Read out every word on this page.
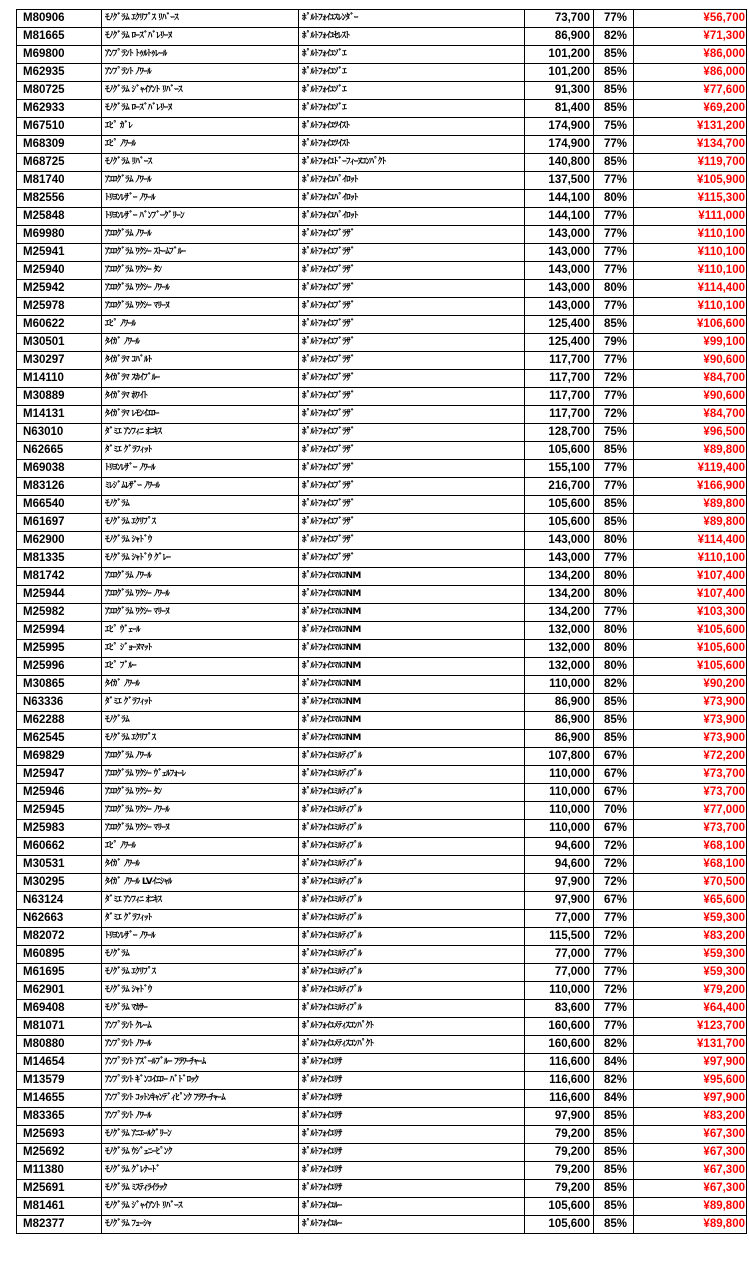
M80906	ﾓﾉｸﾞﾗﾑ ｴｸﾘﾌﾟｽ ﾘﾊﾞｰｽ	ﾎﾟﾙﾄﾌｫｲﾕｽﾚﾝﾀﾞｰ	73,700	77%	¥56,700
M81665	ﾓﾉｸﾞﾗﾑ ﾛｰｽﾞﾊﾞﾚﾘｰﾇ	ﾎﾟﾙﾄﾌｫｲﾕｾﾚｽﾄ	86,900	82%	¥71,300
M69800	ｱﾝﾌﾟﾗﾝﾄ ﾄｩﾙﾄｩﾚｰﾙ	ﾎﾟﾙﾄﾌｫｲﾕｿﾞｴ	101,200	85%	¥86,000
M62935	ｱﾝﾌﾟﾗﾝﾄ ﾉﾜｰﾙ	ﾎﾟﾙﾄﾌｫｲﾕｿﾞｴ	101,200	85%	¥86,000
M80725	ﾓﾉｸﾞﾗﾑ ｼﾞｬｲｱﾝﾄ ﾘﾊﾞｰｽ	ﾎﾟﾙﾄﾌｫｲﾕｿﾞｴ	91,300	85%	¥77,600
M62933	ﾓﾉｸﾞﾗﾑ ﾛｰｽﾞﾊﾞﾚﾘｰﾇ	ﾎﾟﾙﾄﾌｫｲﾕｿﾞｴ	81,400	85%	¥69,200
M67510	ｴﾋﾟ ｶﾞﾚ	ﾎﾟﾙﾄﾌｫｲﾕﾂｲｽﾄ	174,900	75%	¥131,200
M68309	ｴﾋﾟ ﾉﾜｰﾙ	ﾎﾟﾙﾄﾌｫｲﾕﾂｲｽﾄ	174,900	77%	¥134,700
M68725	ﾓﾉｸﾞﾗﾑ ﾘﾊﾞｰｽ	ﾎﾟﾙﾄﾌｫｲﾕﾄﾞｰﾌｨｰﾇｺﾝﾊﾟｸﾄ	140,800	85%	¥119,700
M81740	ｱｴﾛｸﾞﾗﾑ ﾉﾜｰﾙ	ﾎﾟﾙﾄﾌｫｲﾕﾊﾟｲﾛｯﾄ	137,500	77%	¥105,900
M82556	ﾄﾘﾖﾝﾚｻﾞｰ ﾉﾜｰﾙ	ﾎﾟﾙﾄﾌｫｲﾕﾊﾟｲﾛｯﾄ	144,100	80%	¥115,300
M25848	ﾄﾘﾖﾝﾚｻﾞｰ ﾊﾞﾝﾌﾞｰｸﾞﾘｰﾝ	ﾎﾟﾙﾄﾌｫｲﾕﾊﾟｲﾛｯﾄ	144,100	77%	¥111,000
M69980	ｱｴﾛｸﾞﾗﾑ ﾉﾜｰﾙ	ﾎﾟﾙﾄﾌｫｲﾕﾌﾞﾗｻﾞ	143,000	77%	¥110,100
M25941	ｱｴﾛｸﾞﾗﾑ ﾜｸｼｰ ｽﾄｰﾑﾌﾞﾙｰ	ﾎﾟﾙﾄﾌｫｲﾕﾌﾞﾗｻﾞ	143,000	77%	¥110,100
M25940	ｱｴﾛｸﾞﾗﾑ ﾜｸｼｰ ﾀﾝ	ﾎﾟﾙﾄﾌｫｲﾕﾌﾞﾗｻﾞ	143,000	77%	¥110,100
M25942	ｱｴﾛｸﾞﾗﾑ ﾜｸｼｰ ﾉﾜｰﾙ	ﾎﾟﾙﾄﾌｫｲﾕﾌﾞﾗｻﾞ	143,000	80%	¥114,400
M25978	ｱｴﾛｸﾞﾗﾑ ﾜｸｼｰ ﾏﾘｰﾇ	ﾎﾟﾙﾄﾌｫｲﾕﾌﾞﾗｻﾞ	143,000	77%	¥110,100
M60622	ｴﾋﾟ ﾉﾜｰﾙ	ﾎﾟﾙﾄﾌｫｲﾕﾌﾞﾗｻﾞ	125,400	85%	¥106,600
M30501	ﾀｲｶﾞ ﾉﾜｰﾙ	ﾎﾟﾙﾄﾌｫｲﾕﾌﾞﾗｻﾞ	125,400	79%	¥99,100
M30297	ﾀｲｶﾞﾗﾏ ｺﾊﾞﾙﾄ	ﾎﾟﾙﾄﾌｫｲﾕﾌﾞﾗｻﾞ	117,700	77%	¥90,600
M14110	ﾀｲｶﾞﾗﾏ ｽｶｲﾌﾞﾙｰ	ﾎﾟﾙﾄﾌｫｲﾕﾌﾞﾗｻﾞ	117,700	72%	¥84,700
M30889	ﾀｲｶﾞﾗﾏ ﾎﾜｲﾄ	ﾎﾟﾙﾄﾌｫｲﾕﾌﾞﾗｻﾞ	117,700	77%	¥90,600
M14131	ﾀｲｶﾞﾗﾏ ﾚﾓﾝｲｴﾛｰ	ﾎﾟﾙﾄﾌｫｲﾕﾌﾞﾗｻﾞ	117,700	72%	¥84,700
N63010	ﾀﾞﾐｴ ｱﾝﾌｨﾆ ｵﾆｷｽ	ﾎﾟﾙﾄﾌｫｲﾕﾌﾞﾗｻﾞ	128,700	75%	¥96,500
N62665	ﾀﾞﾐｴ ｸﾞﾗﾌｨｯﾄ	ﾎﾟﾙﾄﾌｫｲﾕﾌﾞﾗｻﾞ	105,600	85%	¥89,800
M69038	ﾄﾘﾖﾝﾚｻﾞｰ ﾉﾜｰﾙ	ﾎﾟﾙﾄﾌｫｲﾕﾌﾞﾗｻﾞ	155,100	77%	¥119,400
M83126	ﾐﾚｼﾞﾑﾚｻﾞｰ ﾉﾜｰﾙ	ﾎﾟﾙﾄﾌｫｲﾕﾌﾞﾗｻﾞ	216,700	77%	¥166,900
M66540	ﾓﾉｸﾞﾗﾑ	ﾎﾟﾙﾄﾌｫｲﾕﾌﾞﾗｻﾞ	105,600	85%	¥89,800
M61697	ﾓﾉｸﾞﾗﾑ ｴｸﾘﾌﾟｽ	ﾎﾟﾙﾄﾌｫｲﾕﾌﾞﾗｻﾞ	105,600	85%	¥89,800
M62900	ﾓﾉｸﾞﾗﾑ ｼｬﾄﾞｳ	ﾎﾟﾙﾄﾌｫｲﾕﾌﾞﾗｻﾞ	143,000	80%	¥114,400
M81335	ﾓﾉｸﾞﾗﾑ ｼｬﾄﾞｳ ｸﾞﾚｰ	ﾎﾟﾙﾄﾌｫｲﾕﾌﾞﾗｻﾞ	143,000	77%	¥110,100
M81742	ｱｴﾛｸﾞﾗﾑ ﾉﾜｰﾙ	ﾎﾟﾙﾄﾌｫｲﾕﾏﾙｺNM	134,200	80%	¥107,400
M25944	ｱｴﾛｸﾞﾗﾑ ﾜｸｼｰ ﾉﾜｰﾙ	ﾎﾟﾙﾄﾌｫｲﾕﾏﾙｺNM	134,200	80%	¥107,400
M25982	ｱｴﾛｸﾞﾗﾑ ﾜｸｼｰ ﾏﾘｰﾇ	ﾎﾟﾙﾄﾌｫｲﾕﾏﾙｺNM	134,200	77%	¥103,300
M25994	ｴﾋﾟ ｳﾞｪｰﾙ	ﾎﾟﾙﾄﾌｫｲﾕﾏﾙｺNM	132,000	80%	¥105,600
M25995	ｴﾋﾟ ｼﾞｮｰﾇﾏｯﾄ	ﾎﾟﾙﾄﾌｫｲﾕﾏﾙｺNM	132,000	80%	¥105,600
M25996	ｴﾋﾟ ﾌﾞﾙｰ	ﾎﾟﾙﾄﾌｫｲﾕﾏﾙｺNM	132,000	80%	¥105,600
M30865	ﾀｲｶﾞ ﾉﾜｰﾙ	ﾎﾟﾙﾄﾌｫｲﾕﾏﾙｺNM	110,000	82%	¥90,200
N63336	ﾀﾞﾐｴ ｸﾞﾗﾌｨｯﾄ	ﾎﾟﾙﾄﾌｫｲﾕﾏﾙｺNM	86,900	85%	¥73,900
M62288	ﾓﾉｸﾞﾗﾑ	ﾎﾟﾙﾄﾌｫｲﾕﾏﾙｺNM	86,900	85%	¥73,900
M62545	ﾓﾉｸﾞﾗﾑ ｴｸﾘﾌﾟｽ	ﾎﾟﾙﾄﾌｫｲﾕﾏﾙｺNM	86,900	85%	¥73,900
M69829	ｱｴﾛｸﾞﾗﾑ ﾉﾜｰﾙ	ﾎﾟﾙﾄﾌｫｲﾕﾐﾙﾃｨﾌﾟﾙ	107,800	67%	¥72,200
M25947	ｱｴﾛｸﾞﾗﾑ ﾜｸｼｰ ｳﾞｪﾙﾌｫｰﾚ	ﾎﾟﾙﾄﾌｫｲﾕﾐﾙﾃｨﾌﾟﾙ	110,000	67%	¥73,700
M25946	ｱｴﾛｸﾞﾗﾑ ﾜｸｼｰ ﾀﾝ	ﾎﾟﾙﾄﾌｫｲﾕﾐﾙﾃｨﾌﾟﾙ	110,000	67%	¥73,700
M25945	ｱｴﾛｸﾞﾗﾑ ﾜｸｼｰ ﾉﾜｰﾙ	ﾎﾟﾙﾄﾌｫｲﾕﾐﾙﾃｨﾌﾟﾙ	110,000	70%	¥77,000
M25983	ｱｴﾛｸﾞﾗﾑ ﾜｸｼｰ ﾏﾘｰﾇ	ﾎﾟﾙﾄﾌｫｲﾕﾐﾙﾃｨﾌﾟﾙ	110,000	67%	¥73,700
M60662	ｴﾋﾟ ﾉﾜｰﾙ	ﾎﾟﾙﾄﾌｫｲﾕﾐﾙﾃｨﾌﾟﾙ	94,600	72%	¥68,100
M30531	ﾀｲｶﾞ ﾉﾜｰﾙ	ﾎﾟﾙﾄﾌｫｲﾕﾐﾙﾃｨﾌﾟﾙ	94,600	72%	¥68,100
M30295	ﾀｲｶﾞ ﾉﾜｰﾙ LVｲﾆｼｬﾙ	ﾎﾟﾙﾄﾌｫｲﾕﾐﾙﾃｨﾌﾟﾙ	97,900	72%	¥70,500
N63124	ﾀﾞﾐｴ ｱﾝﾌｨﾆ ｵﾆｷｽ	ﾎﾟﾙﾄﾌｫｲﾕﾐﾙﾃｨﾌﾟﾙ	97,900	67%	¥65,600
N62663	ﾀﾞﾐｴ ｸﾞﾗﾌｨｯﾄ	ﾎﾟﾙﾄﾌｫｲﾕﾐﾙﾃｨﾌﾟﾙ	77,000	77%	¥59,300
M82072	ﾄﾘﾖﾝﾚｻﾞｰ ﾉﾜｰﾙ	ﾎﾟﾙﾄﾌｫｲﾕﾐﾙﾃｨﾌﾟﾙ	115,500	72%	¥83,200
M60895	ﾓﾉｸﾞﾗﾑ	ﾎﾟﾙﾄﾌｫｲﾕﾐﾙﾃｨﾌﾟﾙ	77,000	77%	¥59,300
M61695	ﾓﾉｸﾞﾗﾑ ｴｸﾘﾌﾟｽ	ﾎﾟﾙﾄﾌｫｲﾕﾐﾙﾃｨﾌﾟﾙ	77,000	77%	¥59,300
M62901	ﾓﾉｸﾞﾗﾑ ｼｬﾄﾞｳ	ﾎﾟﾙﾄﾌｫｲﾕﾐﾙﾃｨﾌﾟﾙ	110,000	72%	¥79,200
M69408	ﾓﾉｸﾞﾗﾑ ﾏｶｻｰ	ﾎﾟﾙﾄﾌｫｲﾕﾐﾙﾃｨﾌﾟﾙ	83,600	77%	¥64,400
M81071	ｱﾝﾌﾟﾗﾝﾄ ｸﾚｰﾑ	ﾎﾟﾙﾄﾌｫｲﾕﾒﾃｨｽｺﾝﾊﾟｸﾄ	160,600	77%	¥123,700
M80880	ｱﾝﾌﾟﾗﾝﾄ ﾉﾜｰﾙ	ﾎﾟﾙﾄﾌｫｲﾕﾒﾃｨｽｺﾝﾊﾟｸﾄ	160,600	82%	¥131,700
M14654	ｱﾝﾌﾟﾗﾝﾄ ｱｽﾞｰﾙﾌﾞﾙｰ ﾌﾗﾜｰﾁｬｰﾑ	ﾎﾟﾙﾄﾌｫｲﾕﾘｻ	116,600	84%	¥97,900
M13579	ｱﾝﾌﾟﾗﾝﾄ ｷﾞﾝｺｲｴﾛｰ ﾊﾞﾄﾞﾛｯｸ	ﾎﾟﾙﾄﾌｫｲﾕﾘｻ	116,600	82%	¥95,600
M14655	ｱﾝﾌﾟﾗﾝﾄ ｺｯﾄﾝｷｬﾝﾃﾞｨﾋﾟﾝｸ ﾌﾗﾜｰﾁｬｰﾑ	ﾎﾟﾙﾄﾌｫｲﾕﾘｻ	116,600	84%	¥97,900
M83365	ｱﾝﾌﾟﾗﾝﾄ ﾉﾜｰﾙ	ﾎﾟﾙﾄﾌｫｲﾕﾘｻ	97,900	85%	¥83,200
M25693	ﾓﾉｸﾞﾗﾑ ｱﾆｴｰﾙｸﾞﾘｰﾝ	ﾎﾟﾙﾄﾌｫｲﾕﾘｻ	79,200	85%	¥67,300
M25692	ﾓﾉｸﾞﾗﾑ ｳｼﾞｪﾆｰﾋﾟﾝｸ	ﾎﾟﾙﾄﾌｫｲﾕﾘｻ	79,200	85%	¥67,300
M11380	ﾓﾉｸﾞﾗﾑ ｸﾞﾚﾅｰﾄﾞ	ﾎﾟﾙﾄﾌｫｲﾕﾘｻ	79,200	85%	¥67,300
M25691	ﾓﾉｸﾞﾗﾑ ﾐｽﾃｨﾗｲﾗｯｸ	ﾎﾟﾙﾄﾌｫｲﾕﾘｻ	79,200	85%	¥67,300
M81461	ﾓﾉｸﾞﾗﾑ ｼﾞｬｲｱﾝﾄ ﾘﾊﾞｰｽ	ﾎﾟﾙﾄﾌｫｲﾕﾙｰ	105,600	85%	¥89,800
M82377	ﾓﾉｸﾞﾗﾑ ﾌｭｰｼｬ	ﾎﾟﾙﾄﾌｫｲﾕﾙｰ	105,600	85%	¥89,800
